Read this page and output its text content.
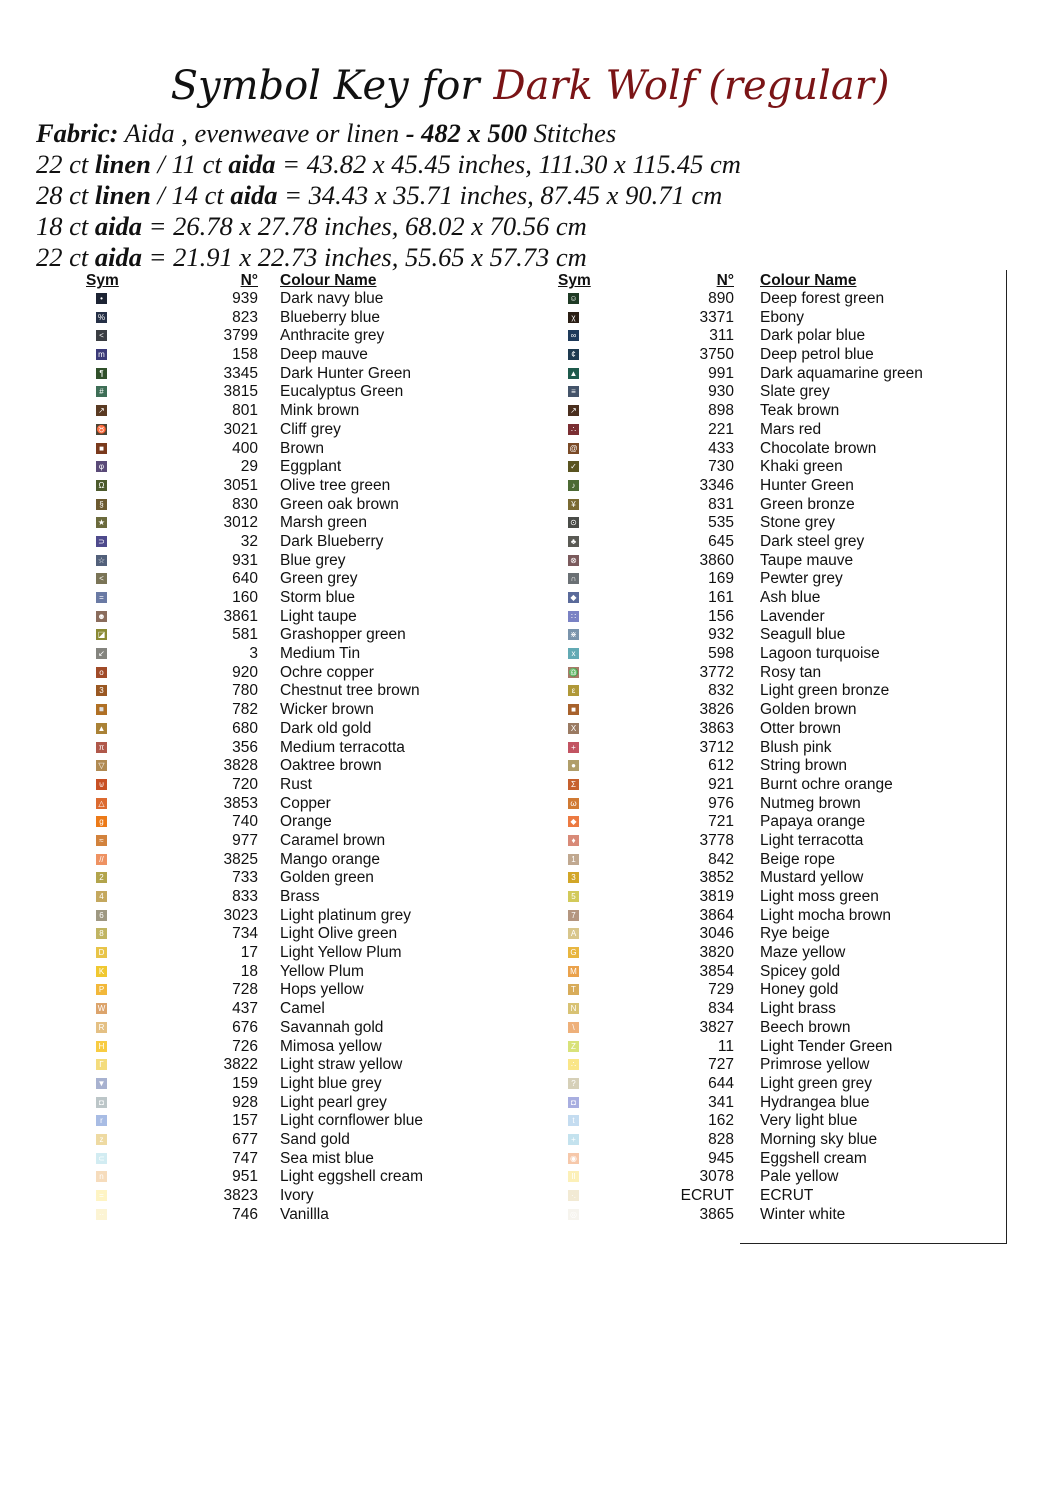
Symbol Key for Dark Wolf (regular)
Fabric: Aida , evenweave or linen - 482 x 500 Stitches
22 ct linen / 11 ct aida = 43.82 x 45.45 inches, 111.30 x 115.45 cm
28 ct linen / 14 ct aida = 34.43 x 35.71 inches, 87.45 x 90.71 cm
18 ct aida = 26.78 x 27.78 inches, 68.02 x 70.56 cm
22 ct aida = 21.91 x 22.73 inches, 55.65 x 57.73 cm
Sym	N° Colour Name	Sym	N° Colour Name
•	939 Dark navy blue
%	823 Blueberry blue
<	3799 Anthracite grey
m	158 Deep mauve
¶	3345 Dark Hunter Green
#	3815 Eucalyptus Green
↗	801 Mink brown
♉	3021 Cliff grey
■	400 Brown
φ	29 Eggplant
Ω	3051 Olive tree green
§	830 Green oak brown
★	3012 Marsh green
⊃	32 Dark Blueberry
☆	931 Blue grey
<	640 Green grey
=	160 Storm blue
☻	3861 Light taupe
◪	581 Grashopper green
↙	3 Medium Tin
o	920 Ochre copper
3	780 Chestnut tree brown
◽	782 Wicker brown
▲	680 Dark old gold
π	356 Medium terracotta
▽	3828 Oaktree brown
⊍	720 Rust
△	3853 Copper
g	740 Orange
≈	977 Caramel brown
//	3825 Mango orange
2	733 Golden green
4	833 Brass
6	3023 Light platinum grey
8	734 Light Olive green
D	17 Light Yellow Plum
K	18 Yellow Plum
P	728 Hops yellow
W	437 Camel
R	676 Savannah gold
H	726 Mimosa yellow
Γ	3822 Light straw yellow
▼	159 Light blue grey
◘	928 Light pearl grey
r	157 Light cornflower blue
z	677 Sand gold
⊂	747 Sea mist blue
n	951 Light eggshell cream
=	3823 Ivory
··	746 Vanillla
☺	890 Deep forest green
χ	3371 Ebony
∞	311 Dark polar blue
¢	3750 Deep petrol blue
▲	991 Dark aquamarine green
≡	930 Slate grey
↗	898 Teak brown
∴	221 Mars red
@	433 Chocolate brown
✓	730 Khaki green
♪	3346 Hunter Green
¥	831 Green bronze
⊙	535 Stone grey
♣	645 Dark steel grey
⊗	3860 Taupe mauve
∩	169 Pewter grey
◆	161 Ash blue
∷	156 Lavender
⋇	932 Seagull blue
x	598 Lagoon turquoise
♎	3772 Rosy tan
ε	832 Light green bronze
■	3826 Golden brown
X	3863 Otter brown
+	3712 Blush pink
●	612 String brown
Σ	921 Burnt ochre orange
ω	976 Nutmeg brown
◆	721 Papaya orange
♦	3778 Light terracotta
1	842 Beige rope
3	3852 Mustard yellow
5	3819 Light moss green
7	3864 Light mocha brown
A	3046 Rye beige
G	3820 Maze yellow
M	3854 Spicey gold
T	729 Honey gold
N	834 Light brass
\	3827 Beech brown
Z	11 Light Tender Green
∴	727 Primrose yellow
?	644 Light green grey
◘	341 Hydrangea blue
t	162 Very light blue
+	828 Morning sky blue
◉	945 Eggshell cream
II	3078 Pale yellow
·.	ECRUT ECRUT
◎	3865 Winter white
